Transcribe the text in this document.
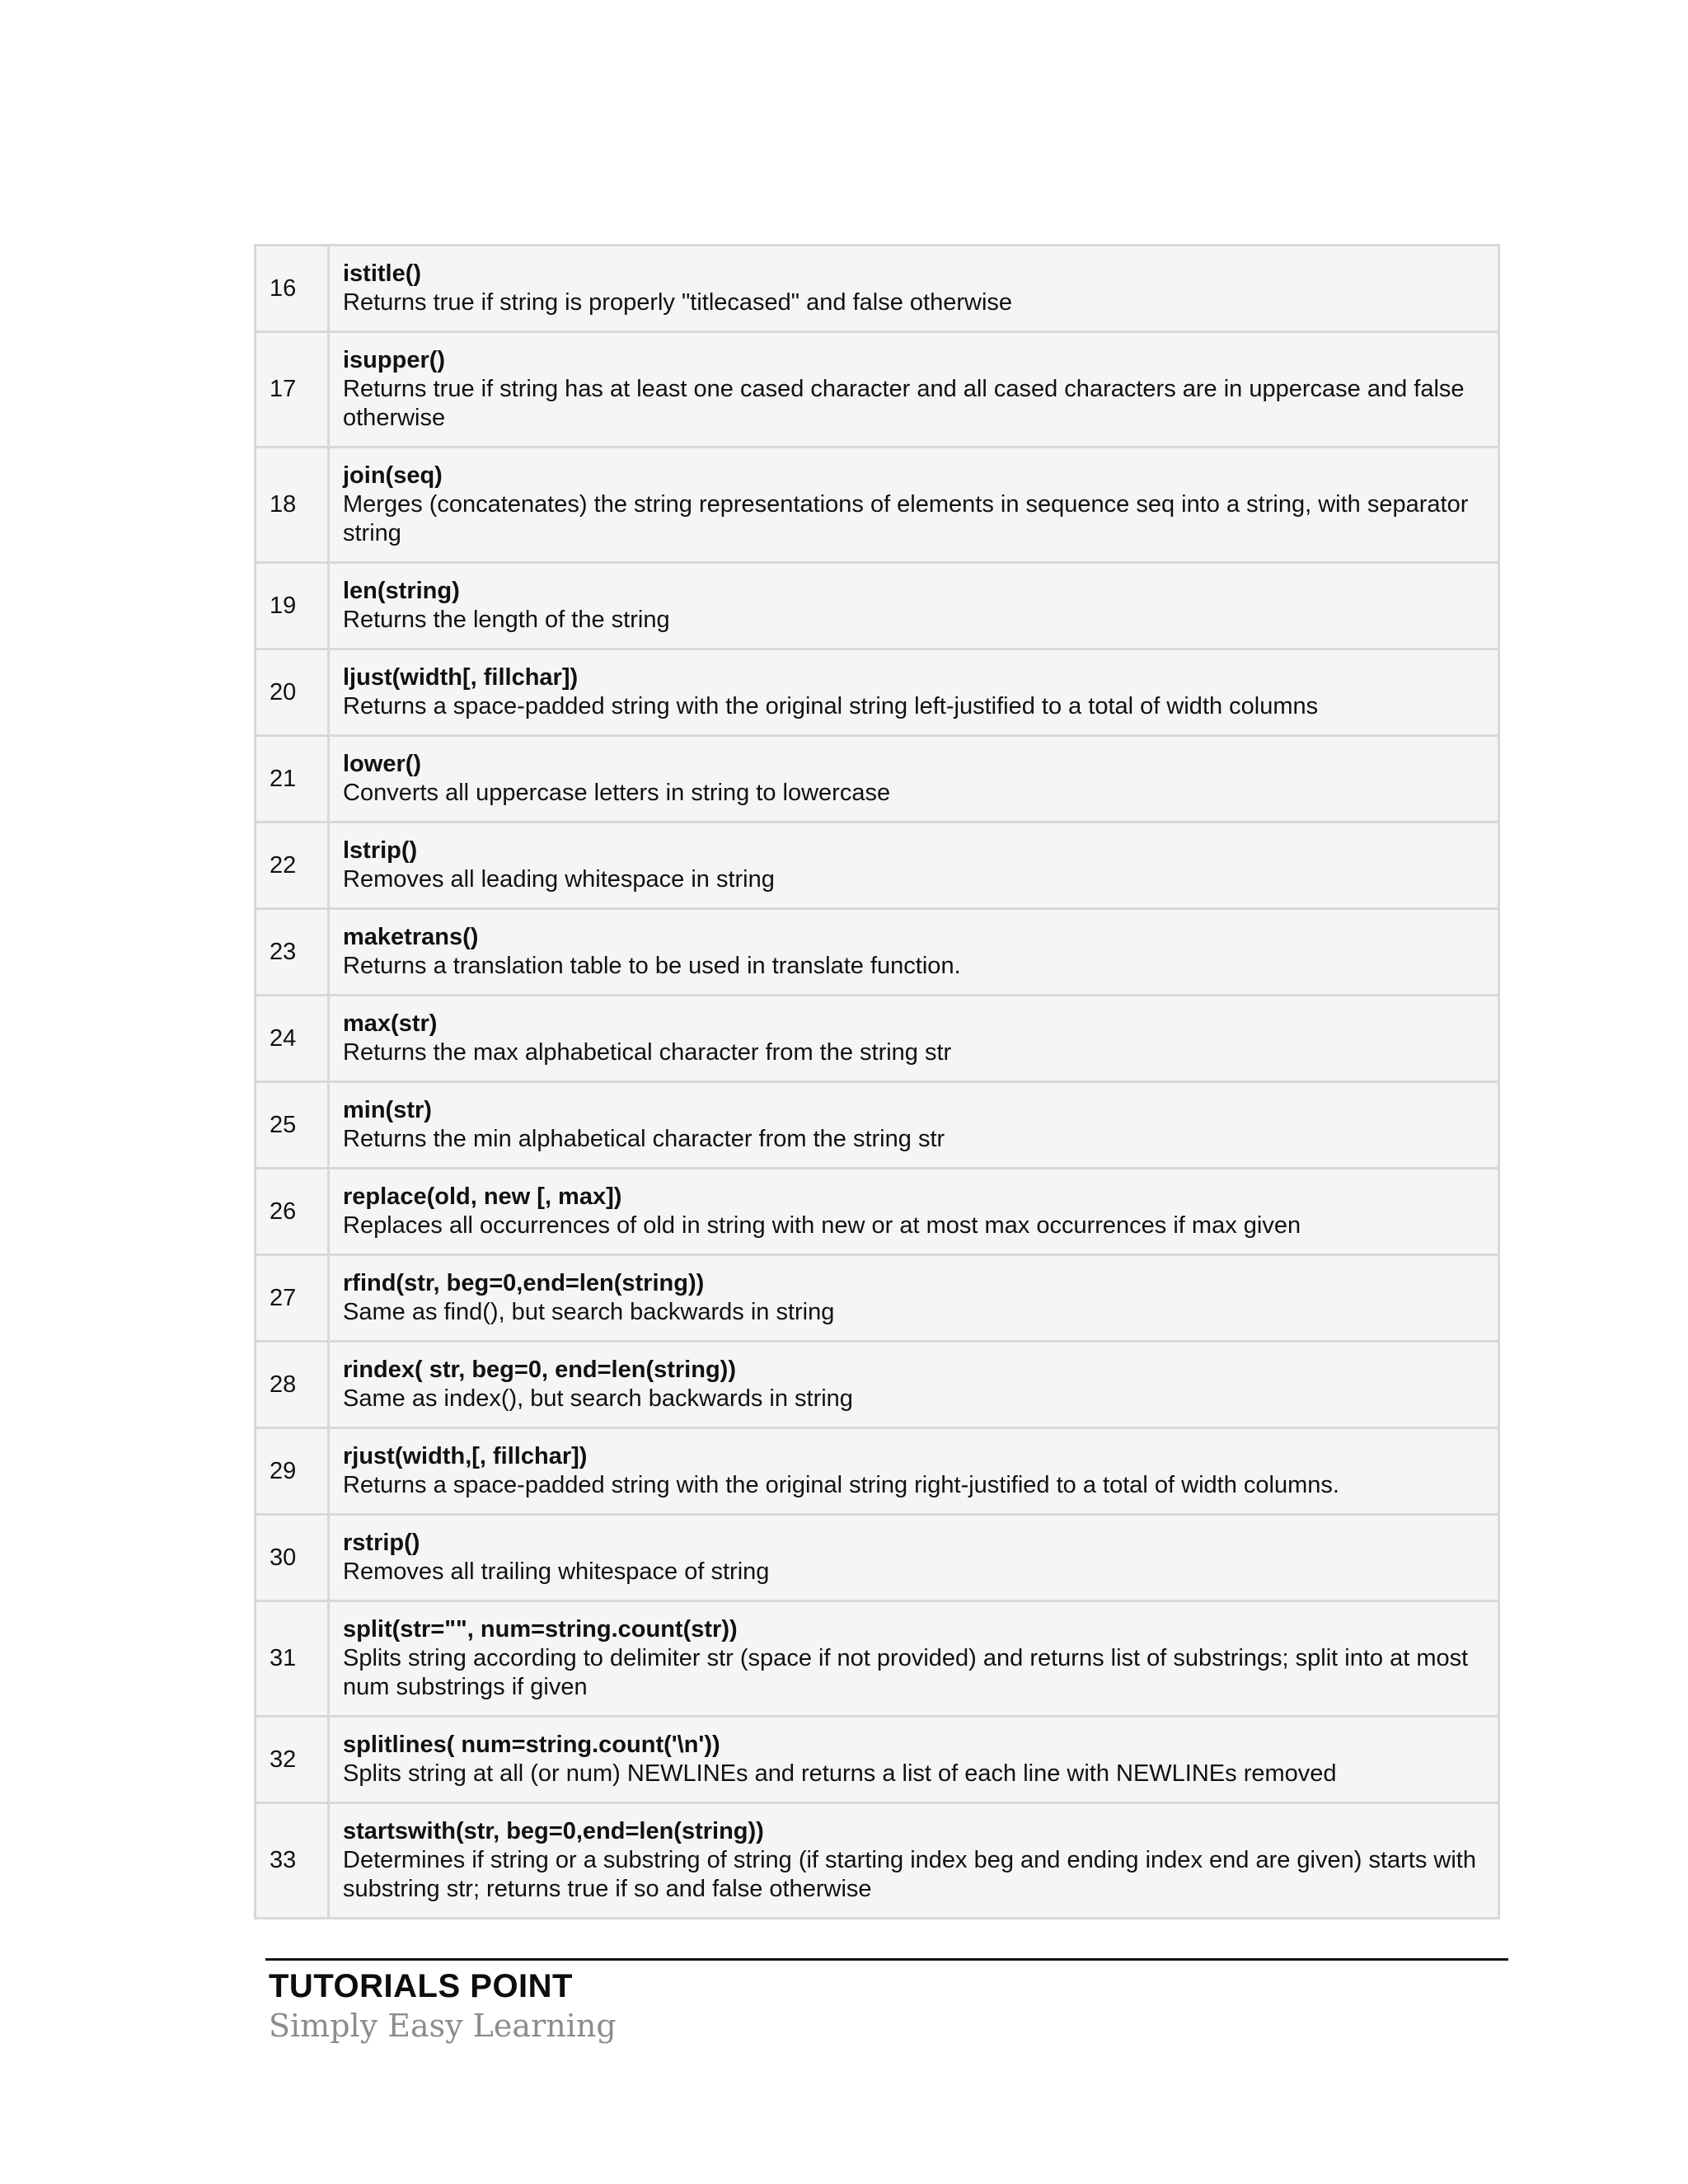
16	istitle()
Returns true if string is properly "titlecased" and false otherwise

17	isupper()
Returns true if string has at least one cased character and all cased characters are in uppercase and false otherwise

18	join(seq)
Merges (concatenates) the string representations of elements in sequence seq into a string, with separator string

19	len(string)
Returns the length of the string

20	ljust(width[, fillchar])
Returns a space-padded string with the original string left-justified to a total of width columns

21	lower()
Converts all uppercase letters in string to lowercase

22	lstrip()
Removes all leading whitespace in string

23	maketrans()
Returns a translation table to be used in translate function.

24	max(str)
Returns the max alphabetical character from the string str

25	min(str)
Returns the min alphabetical character from the string str

26	replace(old, new [, max])
Replaces all occurrences of old in string with new or at most max occurrences if max given

27	rfind(str, beg=0,end=len(string))
Same as find(), but search backwards in string

28	rindex( str, beg=0, end=len(string))
Same as index(), but search backwards in string

29	rjust(width,[, fillchar])
Returns a space-padded string with the original string right-justified to a total of width columns.

30	rstrip()
Removes all trailing whitespace of string

31	split(str="", num=string.count(str))
Splits string according to delimiter str (space if not provided) and returns list of substrings; split into at most num substrings if given

32	splitlines( num=string.count('\n'))
Splits string at all (or num) NEWLINEs and returns a list of each line with NEWLINEs removed

33	startswith(str, beg=0,end=len(string))
Determines if string or a substring of string (if starting index beg and ending index end are given) starts with substring str; returns true if so and false otherwise
TUTORIALS POINT
Simply Easy Learning
